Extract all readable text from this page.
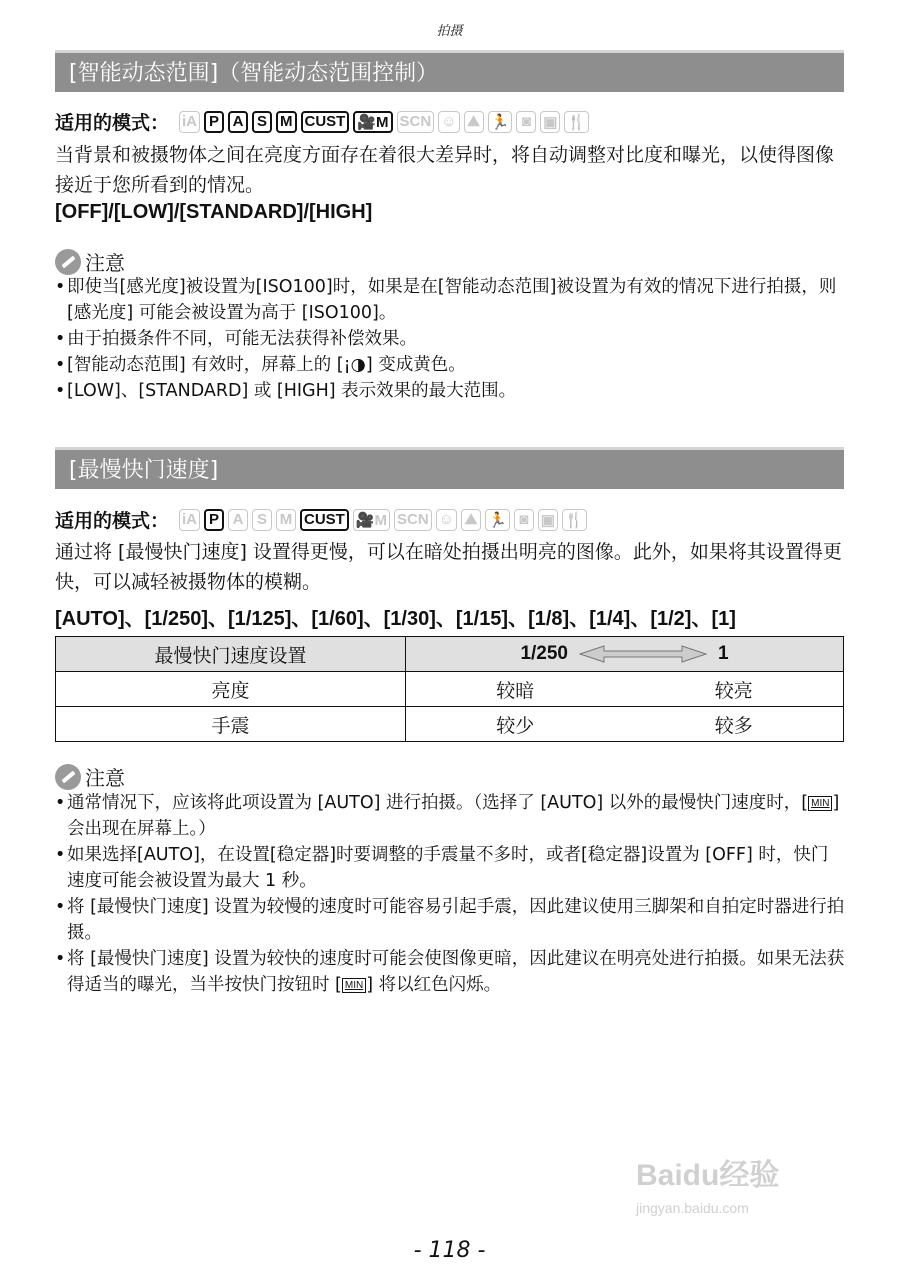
拍摄
[智能动态范围]（智能动态范围控制）
适用的模式： iA P A S M CUST 🎥M SCN ☺ ⛰ 🏃 ◙ ▣ 🍴
当背景和被摄物体之间在亮度方面存在着很大差异时，将自动调整对比度和曝光，以使得图像接近于您所看到的情况。
[OFF]/[LOW]/[STANDARD]/[HIGH]
注意
• 即使当[感光度]被设置为[ISO100]时，如果是在[智能动态范围]被设置为有效的情况下进行拍摄，则 [感光度] 可能会被设置为高于 [ISO100]。
• 由于拍摄条件不同，可能无法获得补偿效果。
• [智能动态范围] 有效时，屏幕上的 [¡◑] 变成黄色。
• [LOW]、[STANDARD] 或 [HIGH] 表示效果的最大范围。
[最慢快门速度]
适用的模式： iA P A S M CUST 🎥M SCN ☺ ⛰ 🏃 ◙ ▣ 🍴
通过将 [最慢快门速度] 设置得更慢，可以在暗处拍摄出明亮的图像。此外，如果将其设置得更快，可以减轻被摄物体的模糊。
[AUTO]、[1/250]、[1/125]、[1/60]、[1/30]、[1/15]、[1/8]、[1/4]、[1/2]、[1]
最慢快门速度设置	1/250 1

亮度	较暗 较亮

手震	较少 较多
注意
• 通常情况下，应该将此项设置为 [AUTO] 进行拍摄。（选择了 [AUTO] 以外的最慢快门速度时，[ MIN ] 会出现在屏幕上。）
• 如果选择[AUTO]，在设置[稳定器]时要调整的手震量不多时，或者[稳定器]设置为 [OFF] 时，快门速度可能会被设置为最大 1 秒。
• 将 [最慢快门速度] 设置为较慢的速度时可能容易引起手震，因此建议使用三脚架和自拍定时器进行拍摄。
• 将 [最慢快门速度] 设置为较快的速度时可能会使图像更暗，因此建议在明亮处进行拍摄。如果无法获得适当的曝光，当半按快门按钮时 [ MIN ] 将以红色闪烁。
Baidu经验
jingyan.baidu.com
- 118 -
